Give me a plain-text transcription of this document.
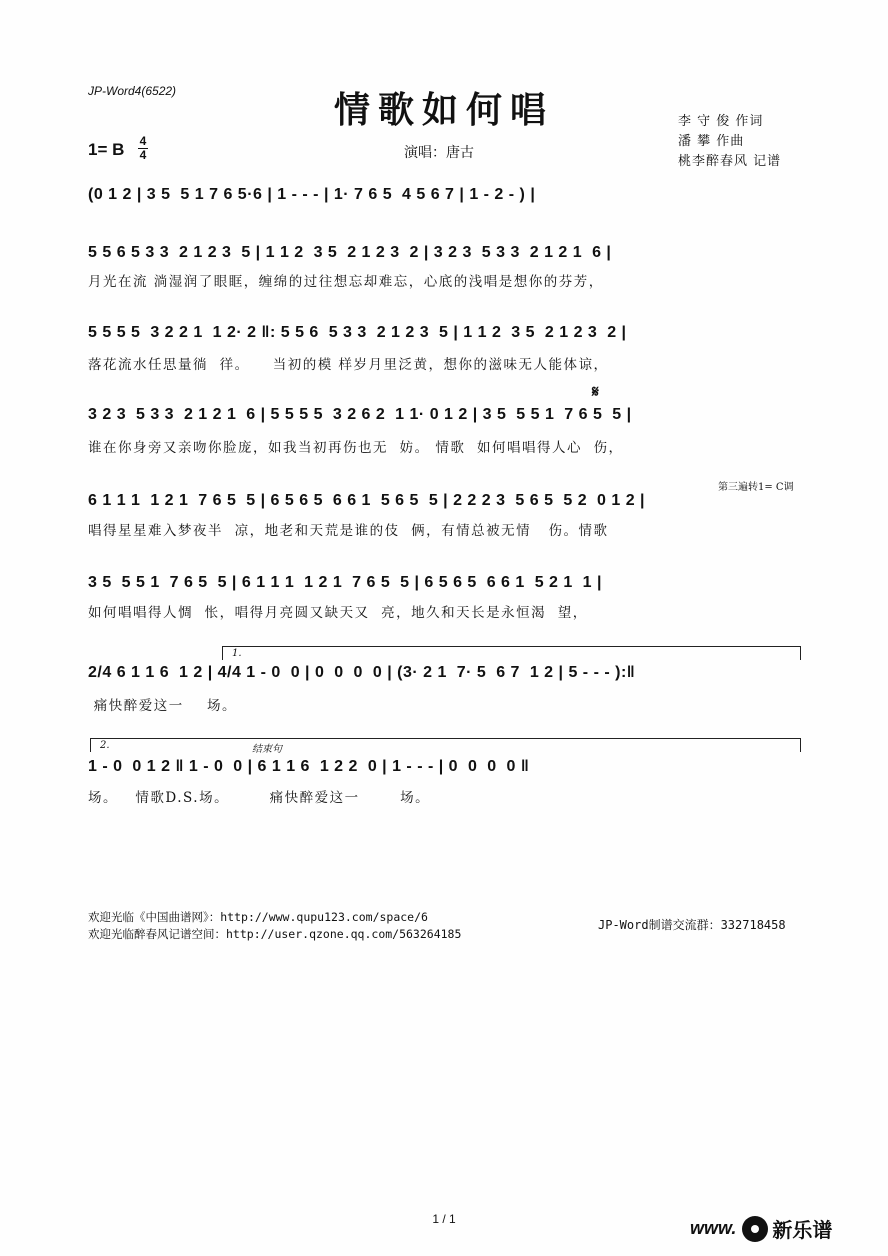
JP-Word4(6522)	情歌如何唱
1= B 4
4	演唱：唐古
李 守 俊 作词
潘 攀 作曲
桃李醉春风 记谱
(0 1 2 | 3 5  5 1 7 6 5·6 | 1 - - - | 1· 7 6 5  4 5 6 7 | 1 - 2 - ) |
5 5 6 5 3 3  2 1 2 3  5 | 1 1 2  3 5  2 1 2 3  2 | 3 2 3  5 3 3  2 1 2 1  6 |
月光在流 淌湿润了眼眶，缠绵的过往想忘却难忘，心底的浅唱是想你的芬芳，
5 5 5 5  3 2 2 1  1 2· 2 ‖: 5 5 6  5 3 3  2 1 2 3  5 | 1 1 2  3 5  2 1 2 3  2 |
落花流水任思量徜  徉。    当初的模 样岁月里泛黄，想你的滋味无人能体谅，
𝄋
3 2 3  5 3 3  2 1 2 1  6 | 5 5 5 5  3 2 6 2  1 1· 0 1 2 | 3 5  5 5 1  7 6 5  5 |
谁在你身旁又亲吻你脸庞，如我当初再伤也无  妨。 情歌  如何唱唱得人心  伤，
第三遍转1= C调
6 1 1 1  1 2 1  7 6 5  5 | 6 5 6 5  6 6 1  5 6 5  5 | 2 2 2 3  5 6 5  5 2  0 1 2 |
唱得星星难入梦夜半  凉，地老和天荒是谁的伎  俩，有情总被无情   伤。情歌
3 5  5 5 1  7 6 5  5 | 6 1 1 1  1 2 1  7 6 5  5 | 6 5 6 5  6 6 1  5 2 1  1 |
如何唱唱得人惆  怅，唱得月亮圆又缺天又  亮，地久和天长是永恒渴  望，
1.
2/4 6 1 1 6  1 2 | 4/4 1 - 0  0 | 0  0  0  0 | (3· 2 1  7· 5  6 7  1 2 | 5 - - - ):‖
痛快醉爱这一    场。
2.	结束句
1 - 0  0 1 2 ‖ 1 - 0  0 | 6 1 1 6  1 2 2  0 | 1 - - - | 0  0  0  0 ‖
场。   情歌D.S.场。       痛快醉爱这一       场。
欢迎光临《中国曲谱网》：http://www.qupu123.com/space/6
欢迎光临醉春风记谱空间：http://user.qzone.qq.com/563264185
JP-Word制谱交流群：332718458
1 / 1	www. 新乐谱
